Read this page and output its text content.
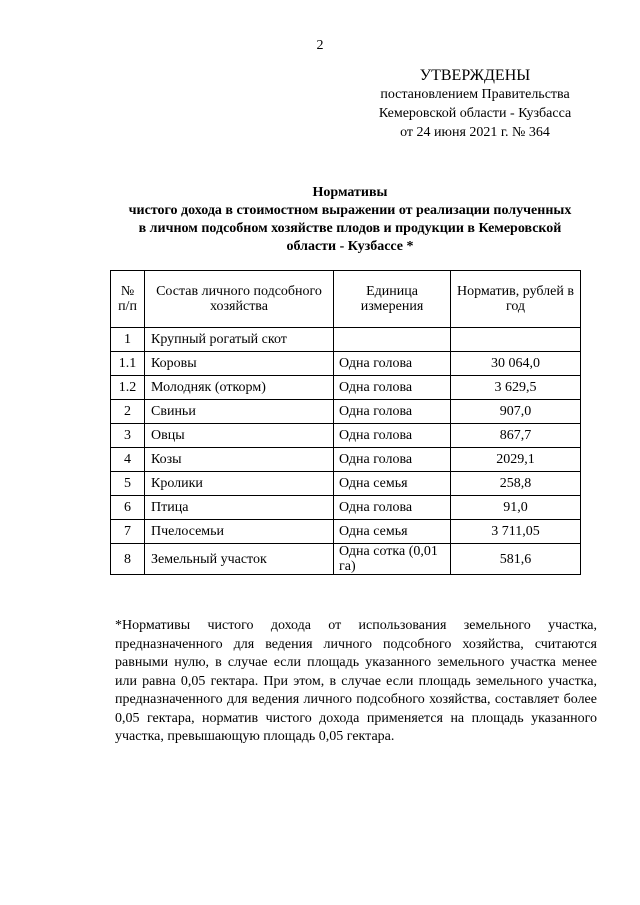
2
УТВЕРЖДЕНЫ
постановлением Правительства
Кемеровской области - Кузбасса
от 24 июня 2021 г. № 364
Нормативы
чистого дохода в стоимостном выражении от реализации полученных
в личном подсобном хозяйстве плодов и продукции в Кемеровской
области - Кузбассе *
№ п/п	Состав личного подсобного хозяйства	Единица измерения	Норматив, рублей в год
1	Крупный рогатый скот		
1.1	Коровы	Одна голова	30 064,0
1.2	Молодняк (откорм)	Одна голова	3 629,5
2	Свиньи	Одна голова	907,0
3	Овцы	Одна голова	867,7
4	Козы	Одна голова	2029,1
5	Кролики	Одна семья	258,8
6	Птица	Одна голова	91,0
7	Пчелосемьи	Одна семья	3 711,05
8	Земельный участок	Одна сотка (0,01 га)	581,6
*Нормативы чистого дохода от использования земельного участка, предназначенного для ведения личного подсобного хозяйства, считаются равными нулю, в случае если площадь указанного земельного участка менее или равна 0,05 гектара. При этом, в случае если площадь земельного участка, предназначенного для ведения личного подсобного хозяйства, составляет более 0,05 гектара, норматив чистого дохода применяется на площадь указанного участка, превышающую площадь 0,05 гектара.
